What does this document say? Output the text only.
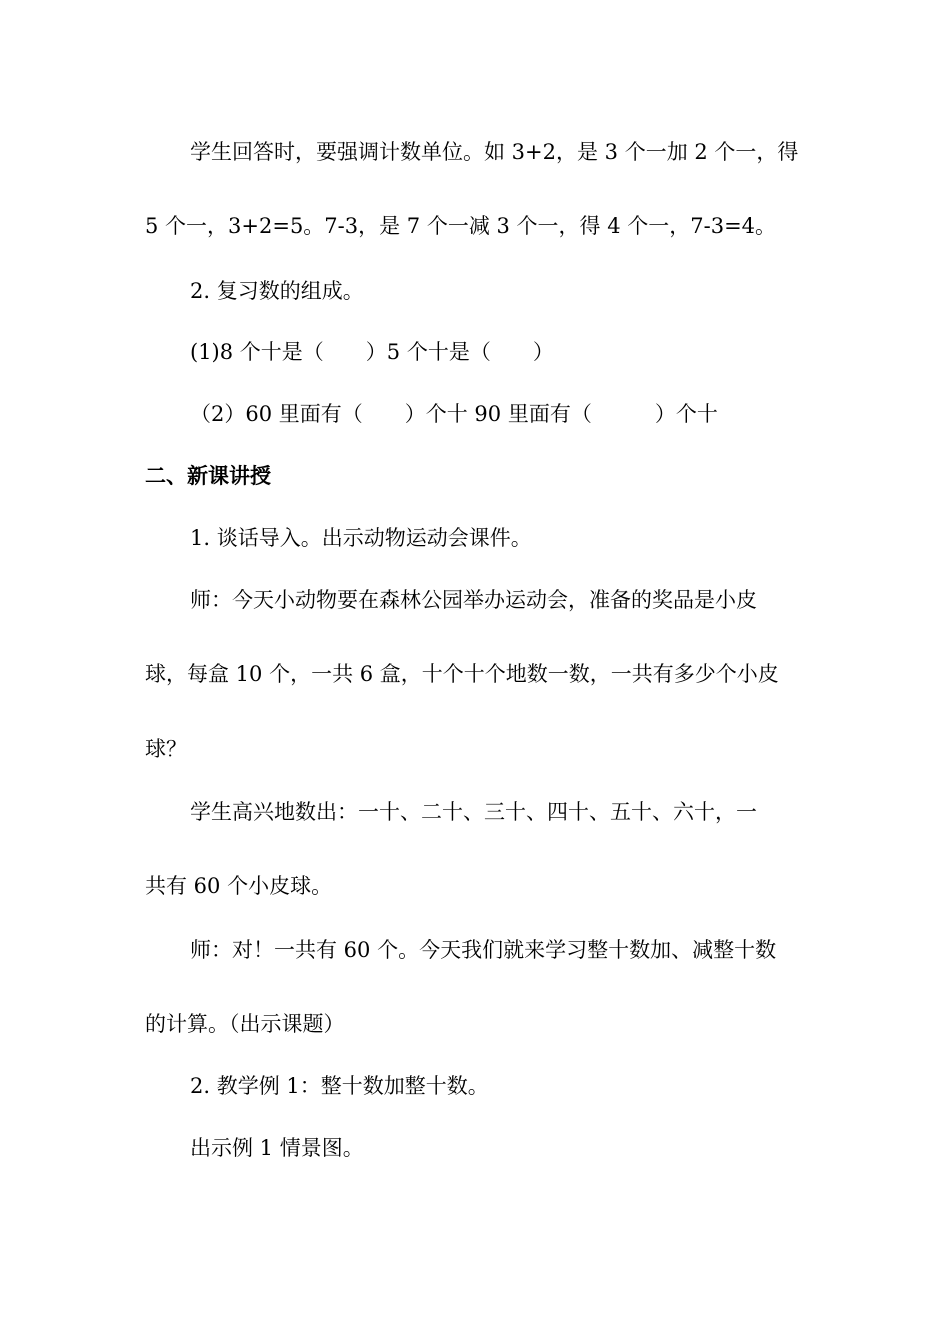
学生回答时，要强调计数单位。如 3+2，是 3 个一加 2 个一，得
5 个一，3+2=5。7-3，是 7 个一减 3 个一，得 4 个一，7-3=4。
2. 复习数的组成。
(1)8 个十是（　　）5 个十是（　　）
（2）60 里面有（　　）个十 90 里面有（　　　）个十
二、新课讲授
1. 谈话导入。出示动物运动会课件。
师：今天小动物要在森林公园举办运动会，准备的奖品是小皮
球，每盒 10 个，一共 6 盒，十个十个地数一数，一共有多少个小皮
球？
学生高兴地数出：一十、二十、三十、四十、五十、六十，一
共有 60 个小皮球。
师：对！一共有 60 个。今天我们就来学习整十数加、减整十数
的计算。（出示课题）
2. 教学例 1：整十数加整十数。
出示例 1 情景图。
